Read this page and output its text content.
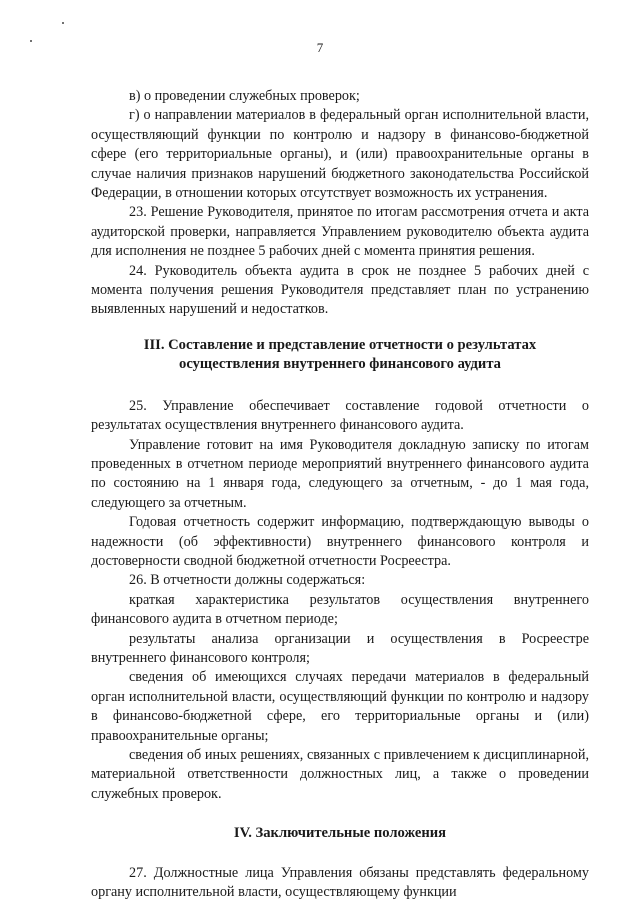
7

в) о проведении служебных проверок;

г) о направлении материалов в федеральный орган исполнительной власти, осуществляющий функции по контролю и надзору в финансово-бюджетной сфере (его территориальные органы), и (или) правоохранительные органы в случае наличия признаков нарушений бюджетного законодательства Российской Федерации, в отношении которых отсутствует возможность их устранения.

23. Решение Руководителя, принятое по итогам рассмотрения отчета и акта аудиторской проверки, направляется Управлением руководителю объекта аудита для исполнения не позднее 5 рабочих дней с момента принятия решения.

24. Руководитель объекта аудита в срок не позднее 5 рабочих дней с момента получения решения Руководителя представляет план по устранению выявленных нарушений и недостатков.

III. Составление и представление отчетности о результатах
осуществления внутреннего финансового аудита

25. Управление обеспечивает составление годовой отчетности о результатах осуществления внутреннего финансового аудита.

Управление готовит на имя Руководителя докладную записку по итогам проведенных в отчетном периоде мероприятий внутреннего финансового аудита по состоянию на 1 января года, следующего за отчетным, - до 1 мая года, следующего за отчетным.

Годовая отчетность содержит информацию, подтверждающую выводы о надежности (об эффективности) внутреннего финансового контроля и достоверности сводной бюджетной отчетности Росреестра.

26. В отчетности должны содержаться:

краткая характеристика результатов осуществления внутреннего финансового аудита в отчетном периоде;

результаты анализа организации и осуществления в Росреестре внутреннего финансового контроля;

сведения об имеющихся случаях передачи материалов в федеральный орган исполнительной власти, осуществляющий функции по контролю и надзору в финансово-бюджетной сфере, его территориальные органы и (или) правоохранительные органы;

сведения об иных решениях, связанных с привлечением к дисциплинарной, материальной ответственности должностных лиц, а также о проведении служебных проверок.

IV. Заключительные положения

27. Должностные лица Управления обязаны представлять федеральному органу исполнительной власти, осуществляющему функции
